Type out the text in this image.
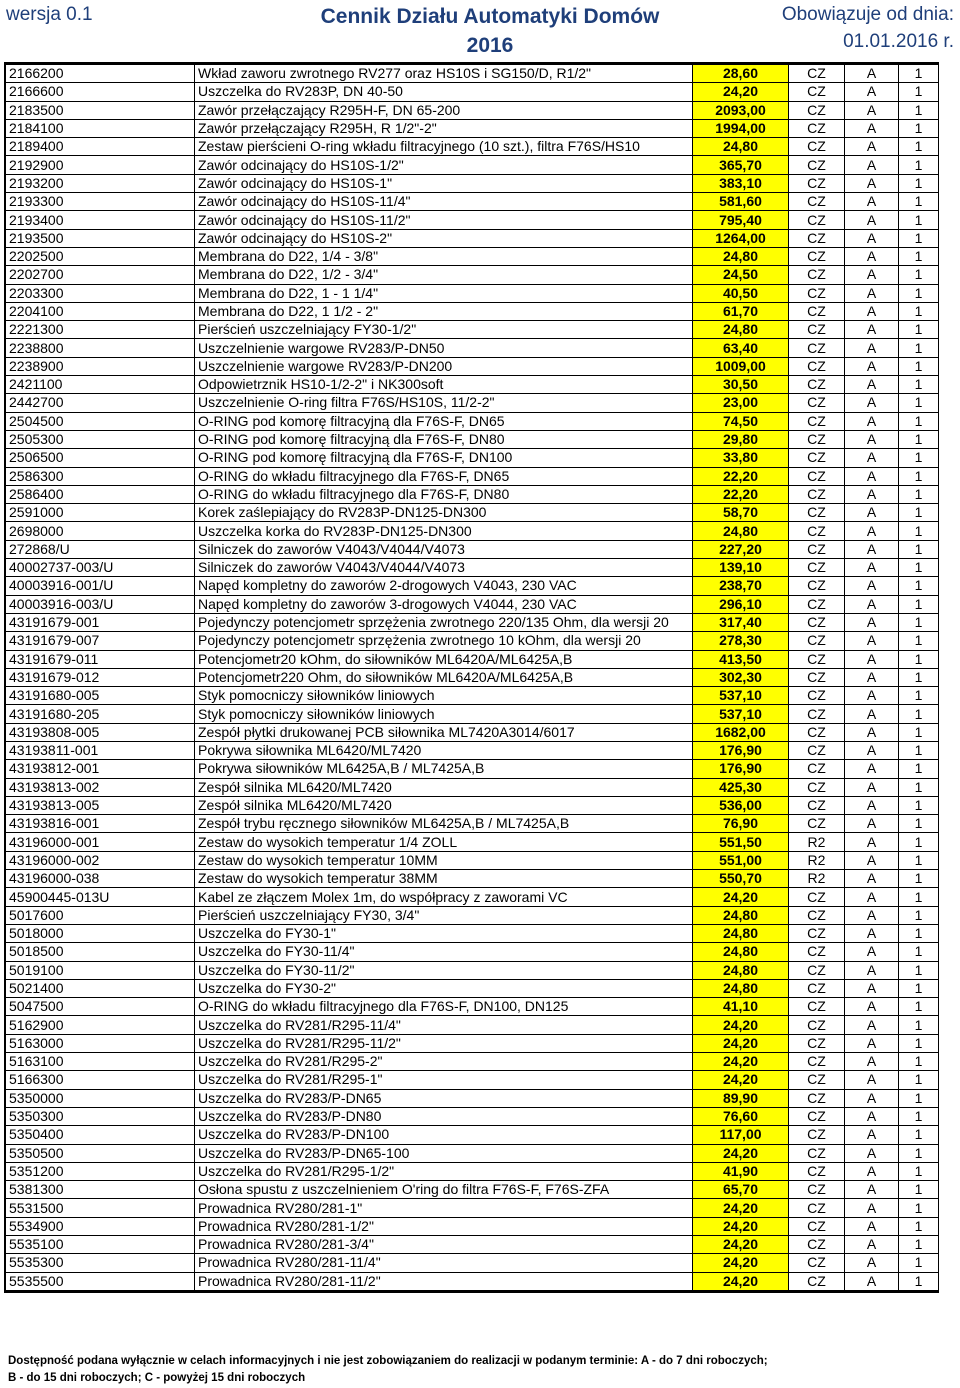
wersja 0.1	Cennik Działu Automatyki Domów
2016
Obowiązuje od dnia:
01.01.2016 r.
2166200	Wkład zaworu zwrotnego RV277 oraz HS10S i SG150/D, R1/2"	28,60	CZ	A	1
2166600	Uszczelka do RV283P, DN 40-50	24,20	CZ	A	1
2183500	Zawór przełączający R295H-F, DN 65-200	2093,00	CZ	A	1
2184100	Zawór przełączający R295H, R 1/2"-2"	1994,00	CZ	A	1
2189400	Zestaw pierścieni O-ring wkładu filtracyjnego (10 szt.), filtra F76S/HS10	24,80	CZ	A	1
2192900	Zawór odcinający do HS10S-1/2"	365,70	CZ	A	1
2193200	Zawór odcinający do HS10S-1"	383,10	CZ	A	1
2193300	Zawór odcinający do HS10S-11/4"	581,60	CZ	A	1
2193400	Zawór odcinający do HS10S-11/2"	795,40	CZ	A	1
2193500	Zawór odcinający do HS10S-2"	1264,00	CZ	A	1
2202500	Membrana do D22, 1/4 - 3/8"	24,80	CZ	A	1
2202700	Membrana do D22, 1/2 - 3/4"	24,50	CZ	A	1
2203300	Membrana do D22, 1 - 1 1/4"	40,50	CZ	A	1
2204100	Membrana do D22, 1 1/2 - 2"	61,70	CZ	A	1
2221300	Pierścień uszczelniający FY30-1/2"	24,80	CZ	A	1
2238800	Uszczelnienie wargowe RV283/P-DN50	63,40	CZ	A	1
2238900	Uszczelnienie wargowe RV283/P-DN200	1009,00	CZ	A	1
2421100	Odpowietrznik HS10-1/2-2" i NK300soft	30,50	CZ	A	1
2442700	Uszczelnienie O-ring filtra F76S/HS10S, 11/2-2"	23,00	CZ	A	1
2504500	O-RING pod komorę filtracyjną dla F76S-F, DN65	74,50	CZ	A	1
2505300	O-RING pod komorę filtracyjną dla F76S-F, DN80	29,80	CZ	A	1
2506500	O-RING pod komorę filtracyjną dla F76S-F, DN100	33,80	CZ	A	1
2586300	O-RING do wkładu filtracyjnego dla F76S-F, DN65	22,20	CZ	A	1
2586400	O-RING do wkładu filtracyjnego dla F76S-F, DN80	22,20	CZ	A	1
2591000	Korek zaślepiający do RV283P-DN125-DN300	58,70	CZ	A	1
2698000	Uszczelka korka do RV283P-DN125-DN300	24,80	CZ	A	1
272868/U	Silniczek do zaworów V4043/V4044/V4073	227,20	CZ	A	1
40002737-003/U	Silniczek do zaworów V4043/V4044/V4073	139,10	CZ	A	1
40003916-001/U	Napęd kompletny do zaworów 2-drogowych V4043, 230 VAC	238,70	CZ	A	1
40003916-003/U	Napęd kompletny do zaworów 3-drogowych V4044, 230 VAC	296,10	CZ	A	1
43191679-001	Pojedynczy potencjometr sprzężenia zwrotnego 220/135 Ohm, dla wersji 20	317,40	CZ	A	1
43191679-007	Pojedynczy potencjometr sprzężenia zwrotnego 10 kOhm, dla wersji 20	278,30	CZ	A	1
43191679-011	Potencjometr20 kOhm, do siłowników ML6420A/ML6425A,B	413,50	CZ	A	1
43191679-012	Potencjometr220 Ohm, do siłowników ML6420A/ML6425A,B	302,30	CZ	A	1
43191680-005	Styk pomocniczy siłowników liniowych	537,10	CZ	A	1
43191680-205	Styk pomocniczy siłowników liniowych	537,10	CZ	A	1
43193808-005	Zespół płytki drukowanej PCB siłownika ML7420A3014/6017	1682,00	CZ	A	1
43193811-001	Pokrywa siłownika ML6420/ML7420	176,90	CZ	A	1
43193812-001	Pokrywa siłowników ML6425A,B / ML7425A,B	176,90	CZ	A	1
43193813-002	Zespół silnika ML6420/ML7420	425,30	CZ	A	1
43193813-005	Zespół silnika ML6420/ML7420	536,00	CZ	A	1
43193816-001	Zespół trybu ręcznego siłowników ML6425A,B / ML7425A,B	76,90	CZ	A	1
43196000-001	Zestaw do wysokich temperatur 1/4 ZOLL	551,50	R2	A	1
43196000-002	Zestaw do wysokich temperatur 10MM	551,00	R2	A	1
43196000-038	Zestaw do wysokich temperatur 38MM	550,70	R2	A	1
45900445-013U	Kabel ze złączem Molex 1m, do współpracy z zaworami VC	24,20	CZ	A	1
5017600	Pierścień uszczelniający FY30, 3/4"	24,80	CZ	A	1
5018000	Uszczelka do FY30-1"	24,80	CZ	A	1
5018500	Uszczelka do FY30-11/4"	24,80	CZ	A	1
5019100	Uszczelka do FY30-11/2"	24,80	CZ	A	1
5021400	Uszczelka do FY30-2"	24,80	CZ	A	1
5047500	O-RING do wkładu filtracyjnego dla F76S-F, DN100, DN125	41,10	CZ	A	1
5162900	Uszczelka do RV281/R295-11/4"	24,20	CZ	A	1
5163000	Uszczelka do RV281/R295-11/2"	24,20	CZ	A	1
5163100	Uszczelka do RV281/R295-2"	24,20	CZ	A	1
5166300	Uszczelka do RV281/R295-1"	24,20	CZ	A	1
5350000	Uszczelka do RV283/P-DN65	89,90	CZ	A	1
5350300	Uszczelka do RV283/P-DN80	76,60	CZ	A	1
5350400	Uszczelka do RV283/P-DN100	117,00	CZ	A	1
5350500	Uszczelka do RV283/P-DN65-100	24,20	CZ	A	1
5351200	Uszczelka do RV281/R295-1/2"	41,90	CZ	A	1
5381300	Osłona spustu z uszczelnieniem O'ring do filtra F76S-F, F76S-ZFA	65,70	CZ	A	1
5531500	Prowadnica RV280/281-1"	24,20	CZ	A	1
5534900	Prowadnica RV280/281-1/2"	24,20	CZ	A	1
5535100	Prowadnica RV280/281-3/4"	24,20	CZ	A	1
5535300	Prowadnica RV280/281-11/4"	24,20	CZ	A	1
5535500	Prowadnica RV280/281-11/2"	24,20	CZ	A	1
Dostępność podana wyłącznie w celach informacyjnych i nie jest zobowiązaniem do realizacji w podanym terminie: A - do 7 dni roboczych;
B - do 15 dni roboczych; C - powyżej 15 dni roboczych
